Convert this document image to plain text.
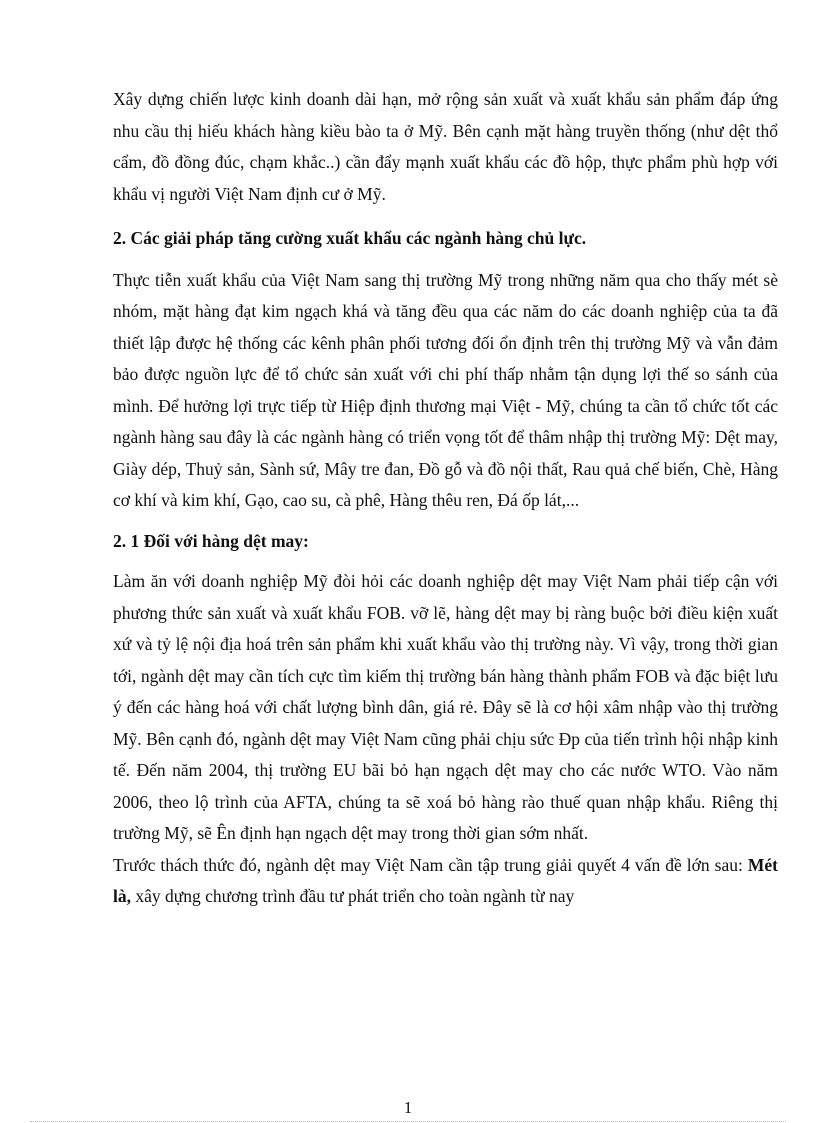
Xây dựng chiến lược kinh doanh dài hạn, mở rộng sản xuất và xuất khẩu sản phẩm đáp ứng nhu cầu thị hiếu khách hàng kiều bào ta ở Mỹ. Bên cạnh mặt hàng truyền thống (như dệt thổ cẩm, đồ đồng đúc, chạm khắc..) cần đẩy mạnh xuất khẩu các đồ hộp, thực phẩm phù hợp với khẩu vị người Việt Nam định cư ở Mỹ.

2. Các giải pháp tăng cường xuất khẩu các ngành hàng chủ lực.

Thực tiễn xuất khẩu của Việt Nam sang thị trường Mỹ trong những năm qua cho thấy mét sè nhóm, mặt hàng đạt kim ngạch khá và tăng đều qua các năm do các doanh nghiệp của ta đã thiết lập được hệ thống các kênh phân phối tương đối ổn định trên thị trường Mỹ và vẫn đảm bảo được nguồn lực để tổ chức sản xuất với chi phí thấp nhằm tận dụng lợi thế so sánh của mình. Để hưởng lợi trực tiếp từ Hiệp định thương mại Việt - Mỹ, chúng ta cần tổ chức tốt các ngành hàng sau đây là các ngành hàng có triển vọng tốt để thâm nhập thị trường Mỹ: Dệt may, Giày dép, Thuỷ sản, Sành sứ, Mây tre đan, Đồ gỗ và đồ nội thất, Rau quả chế biến, Chè, Hàng cơ khí và kim khí, Gạo, cao su, cà phê, Hàng thêu ren, Đá ốp lát,...

2. 1 Đối với hàng dệt may:

Làm ăn với doanh nghiệp Mỹ đòi hỏi các doanh nghiệp dệt may Việt Nam phải tiếp cận với phương thức sản xuất và xuất khẩu FOB. vỡ lẽ, hàng dệt may bị ràng buộc bởi điều kiện xuất xứ và tỷ lệ nội địa hoá trên sản phẩm khi xuất khẩu vào thị trường này. Vì vậy, trong thời gian tới, ngành dệt may cần tích cực tìm kiếm thị trường bán hàng thành phẩm FOB và đặc biệt lưu ý đến các hàng hoá với chất lượng bình dân, giá rẻ. Đây sẽ là cơ hội xâm nhập vào thị trường Mỹ. Bên cạnh đó, ngành dệt may Việt Nam cũng phải chịu sức Ðp của tiến trình hội nhập kinh tế. Đến năm 2004, thị trường EU bãi bỏ hạn ngạch dệt may cho các nước WTO. Vào năm 2006, theo lộ trình của AFTA, chúng ta sẽ xoá bỏ hàng rào thuế quan nhập khẩu. Riêng thị trường Mỹ, sẽ Ên định hạn ngạch dệt may trong thời gian sớm nhất.

Trước thách thức đó, ngành dệt may Việt Nam cần tập trung giải quyết 4 vấn đề lớn sau: Mét là, xây dựng chương trình đầu tư phát triển cho toàn ngành từ nay

1
